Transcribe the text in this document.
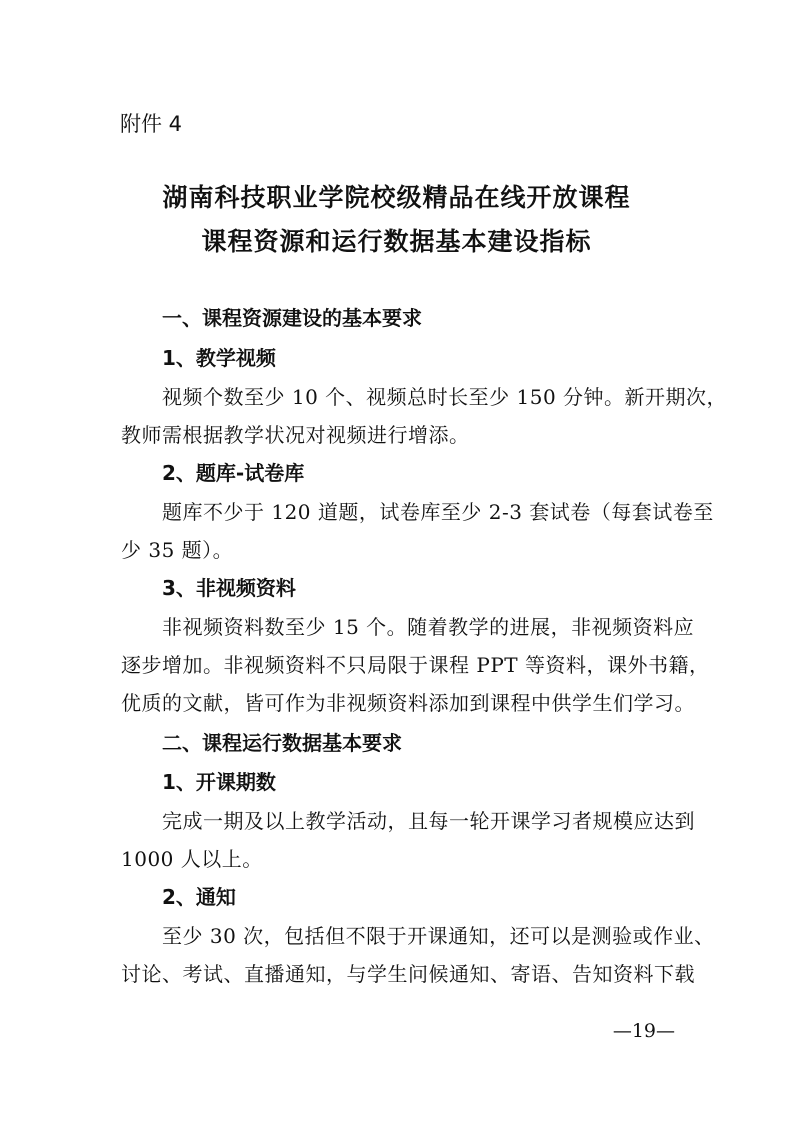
附件 4
湖南科技职业学院校级精品在线开放课程
课程资源和运行数据基本建设指标
一、课程资源建设的基本要求
1、教学视频
视频个数至少 10 个、视频总时长至少 150 分钟。新开期次，
教师需根据教学状况对视频进行增添。
2、题库-试卷库
题库不少于 120 道题，试卷库至少 2-3 套试卷（每套试卷至
少 35 题）。
3、非视频资料
非视频资料数至少 15 个。随着教学的进展，非视频资料应
逐步增加。非视频资料不只局限于课程 PPT 等资料，课外书籍，
优质的文献，皆可作为非视频资料添加到课程中供学生们学习。
二、课程运行数据基本要求
1、开课期数
完成一期及以上教学活动，且每一轮开课学习者规模应达到
1000 人以上。
2、通知
至少 30 次，包括但不限于开课通知，还可以是测验或作业、
讨论、考试、直播通知，与学生问候通知、寄语、告知资料下载
—19—
